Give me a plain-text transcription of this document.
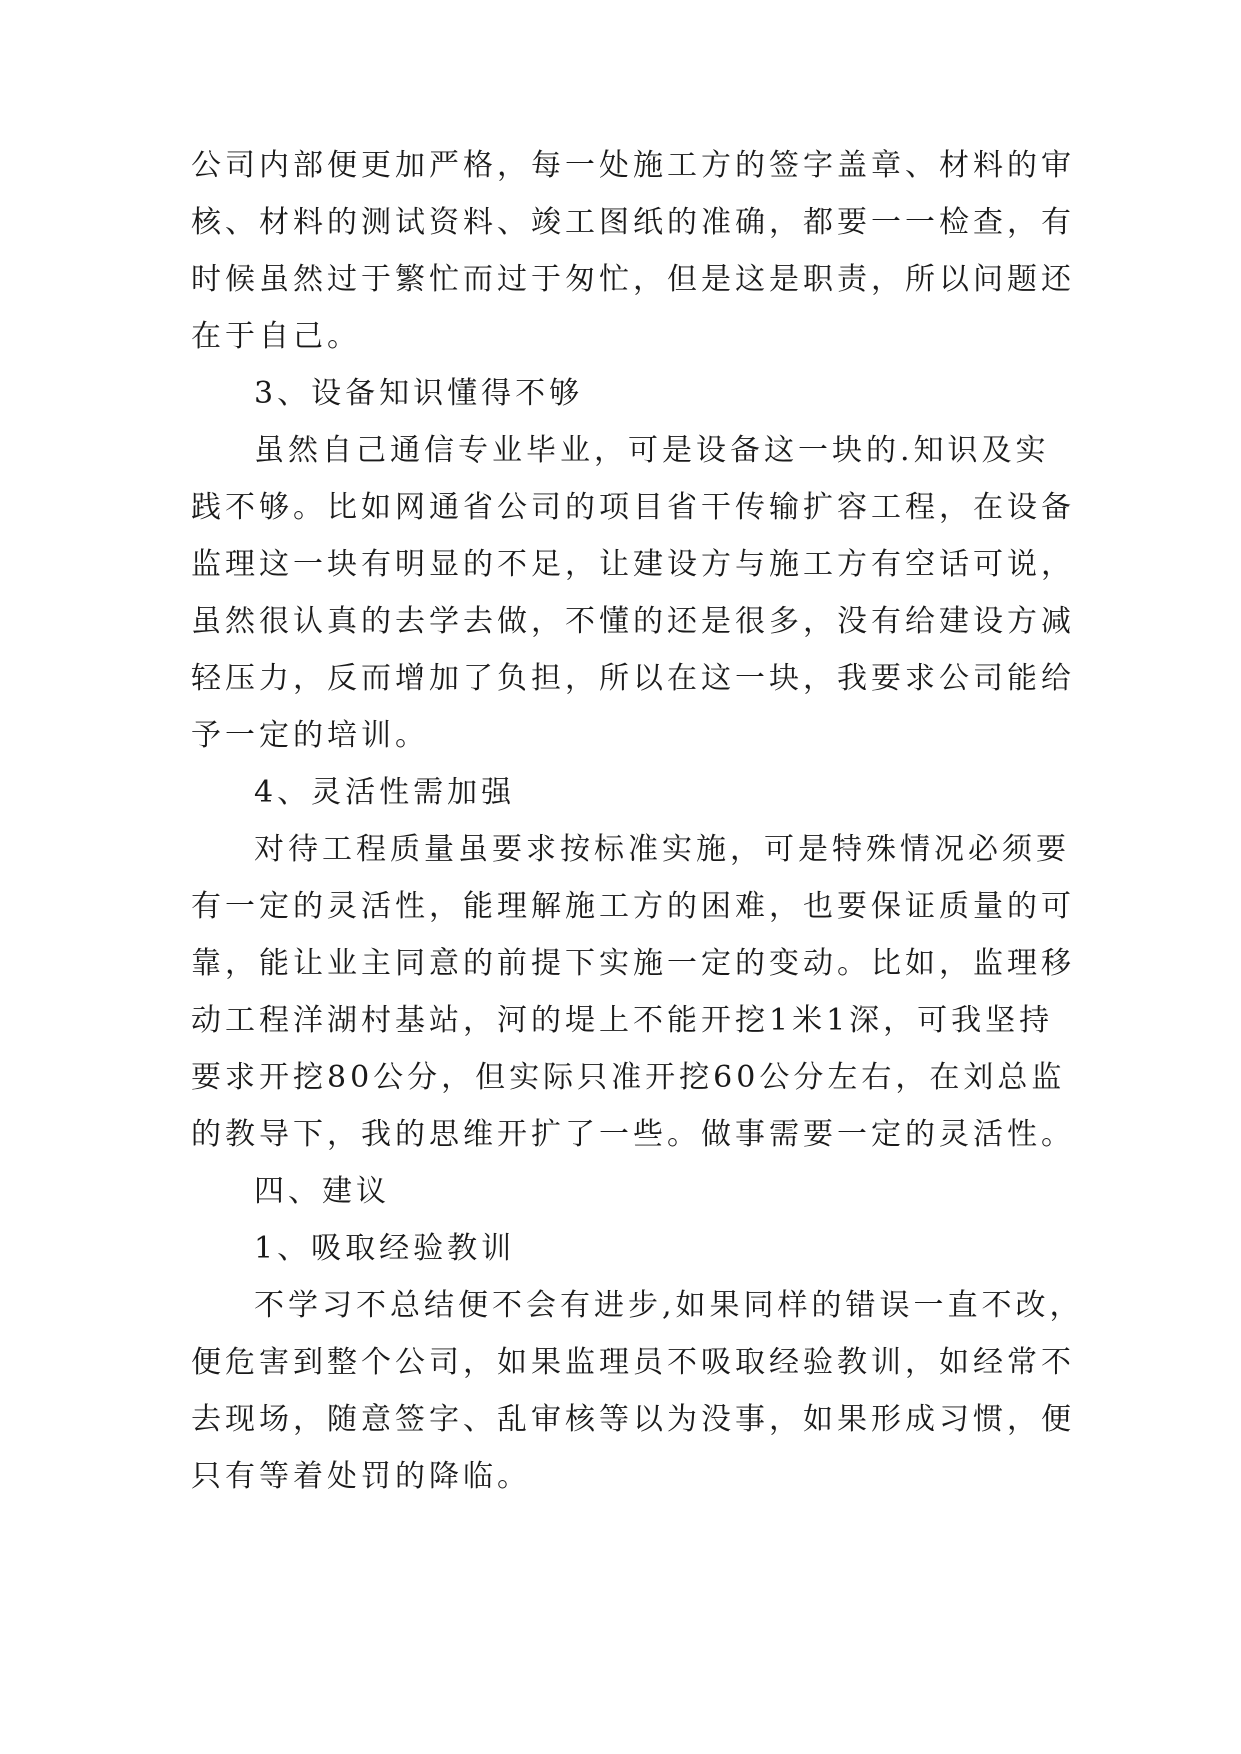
公司内部便更加严格，每一处施工方的签字盖章、材料的审
核、材料的测试资料、竣工图纸的准确，都要一一检查，有
时候虽然过于繁忙而过于匆忙，但是这是职责，所以问题还
在于自己。
3、设备知识懂得不够
虽然自己通信专业毕业，可是设备这一块的.知识及实
践不够。比如网通省公司的项目省干传输扩容工程，在设备
监理这一块有明显的不足，让建设方与施工方有空话可说，
虽然很认真的去学去做，不懂的还是很多，没有给建设方减
轻压力，反而增加了负担，所以在这一块，我要求公司能给
予一定的培训。
4、灵活性需加强
对待工程质量虽要求按标准实施，可是特殊情况必须要
有一定的灵活性，能理解施工方的困难，也要保证质量的可
靠，能让业主同意的前提下实施一定的变动。比如，监理移
动工程洋湖村基站，河的堤上不能开挖1米1深，可我坚持
要求开挖80公分，但实际只准开挖60公分左右，在刘总监
的教导下，我的思维开扩了一些。做事需要一定的灵活性。
四、建议
1、吸取经验教训
不学习不总结便不会有进步,如果同样的错误一直不改，
便危害到整个公司，如果监理员不吸取经验教训，如经常不
去现场，随意签字、乱审核等以为没事，如果形成习惯，便
只有等着处罚的降临。
